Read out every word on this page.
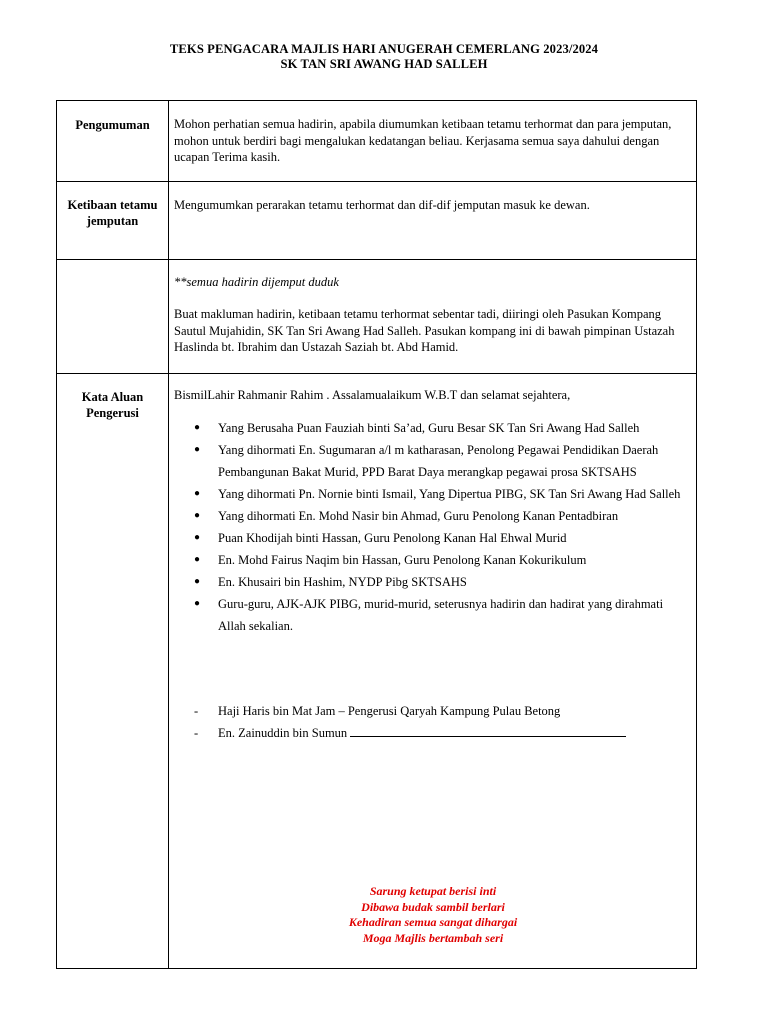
TEKS PENGACARA MAJLIS HARI ANUGERAH CEMERLANG 2023/2024
SK TAN SRI AWANG HAD SALLEH
Pengumuman	Mohon perhatian semua hadirin, apabila diumumkan ketibaan tetamu terhormat dan para jemputan, mohon untuk berdiri bagi mengalukan kedatangan beliau. Kerjasama semua saya dahului dengan ucapan Terima kasih.
Ketibaan tetamu jemputan
Mengumumkan perarakan tetamu terhormat dan dif-dif jemputan masuk ke dewan.
**semua hadirin dijemput duduk
Buat makluman hadirin, ketibaan tetamu terhormat sebentar tadi, diiringi oleh Pasukan Kompang Sautul Mujahidin, SK Tan Sri Awang Had Salleh. Pasukan kompang ini di bawah pimpinan Ustazah Haslinda bt. Ibrahim dan Ustazah Saziah bt. Abd Hamid.
Kata Aluan Pengerusi
BismilLahir Rahmanir Rahim . Assalamualaikum W.B.T dan selamat sejahtera,
● Yang Berusaha Puan Fauziah binti Sa’ad, Guru Besar SK Tan Sri Awang Had Salleh
● Yang dihormati En. Sugumaran a/l m katharasan, Penolong Pegawai Pendidikan Daerah Pembangunan Bakat Murid, PPD Barat Daya merangkap pegawai prosa SKTSAHS
● Yang dihormati Pn. Nornie binti Ismail, Yang Dipertua PIBG, SK Tan Sri Awang Had Salleh
● Yang dihormati En. Mohd Nasir bin Ahmad, Guru Penolong Kanan Pentadbiran
● Puan Khodijah binti Hassan, Guru Penolong Kanan Hal Ehwal Murid
● En. Mohd Fairus Naqim bin Hassan, Guru Penolong Kanan Kokurikulum
● En. Khusairi bin Hashim, NYDP Pibg SKTSAHS
● Guru-guru, AJK-AJK PIBG, murid-murid, seterusnya hadirin dan hadirat yang dirahmati Allah sekalian.
- Haji Haris bin Mat Jam – Pengerusi Qaryah Kampung Pulau Betong
- En. Zainuddin bin Sumun
Sarung ketupat berisi inti
Dibawa budak sambil berlari
Kehadiran semua sangat dihargai
Moga Majlis bertambah seri
